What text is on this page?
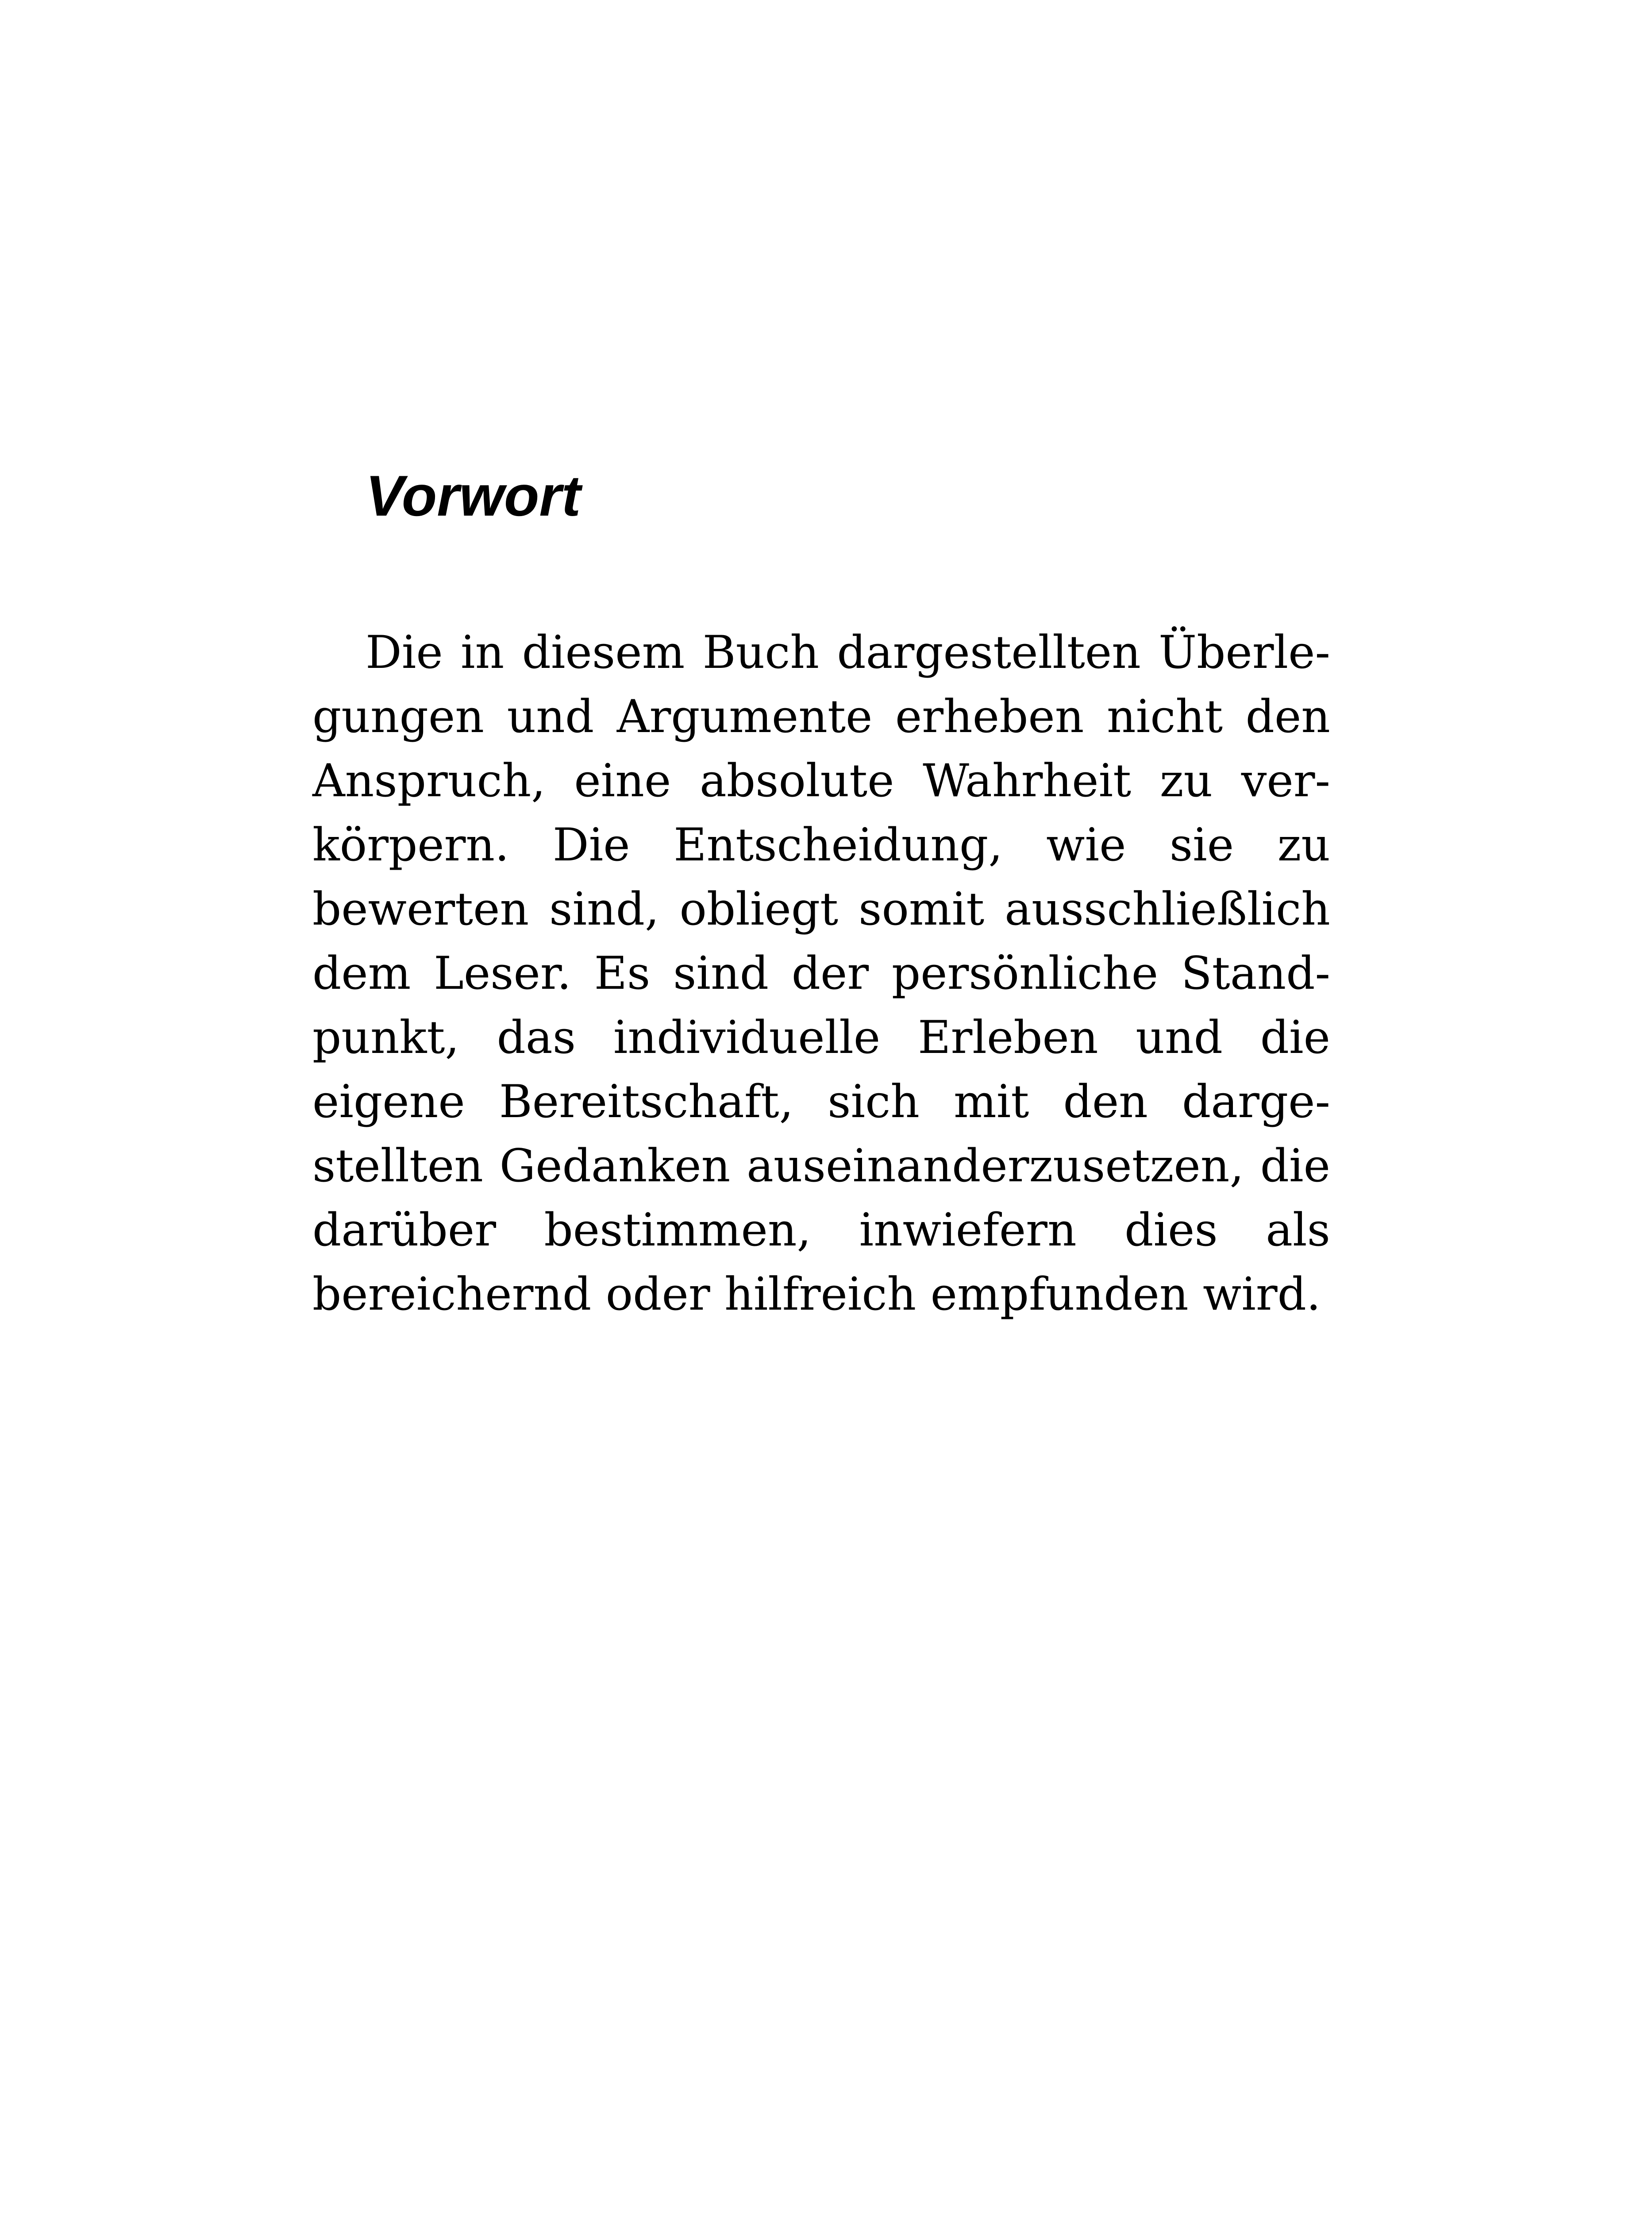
Vorwort
Die in diesem Buch dargestellten Überle-
gungen und Argumente erheben nicht den
Anspruch, eine absolute Wahrheit zu ver-
körpern. Die Entscheidung, wie sie zu
bewerten sind, obliegt somit ausschließlich
dem Leser. Es sind der persönliche Stand-
punkt, das individuelle Erleben und die
eigene Bereitschaft, sich mit den darge-
stellten Gedanken auseinanderzusetzen, die
darüber bestimmen, inwiefern dies als
bereichernd oder hilfreich empfunden wird.
